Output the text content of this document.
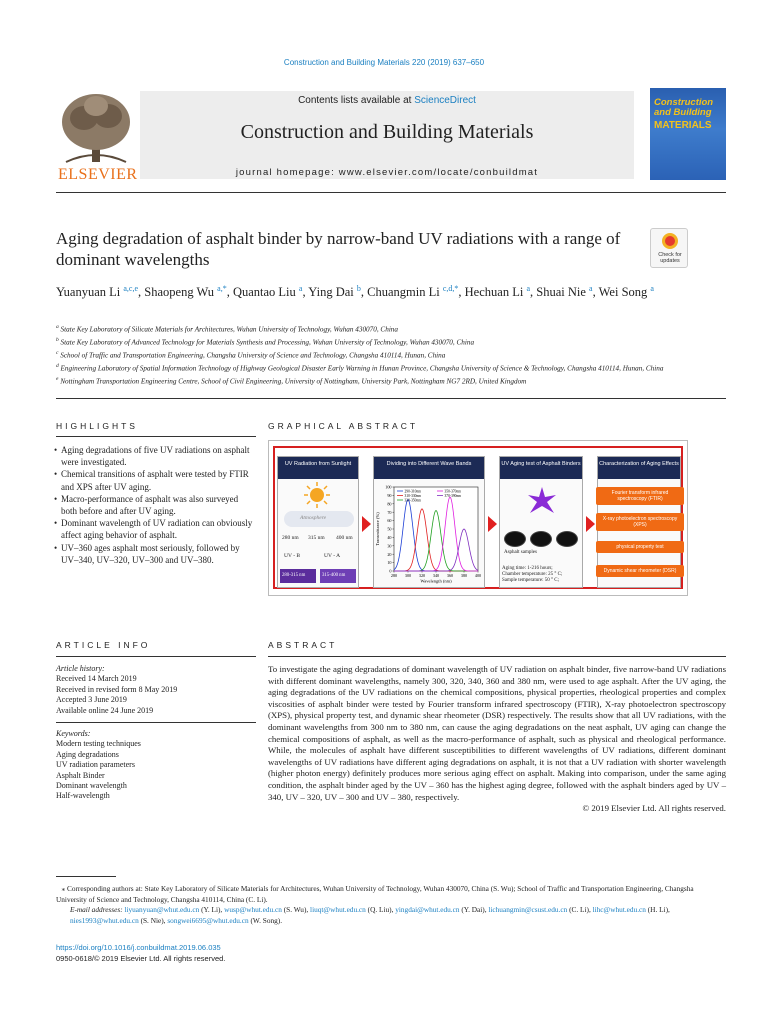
Construction and Building Materials 220 (2019) 637–650
ELSEVIER
Contents lists available at ScienceDirect
Construction and Building Materials
journal homepage: www.elsevier.com/locate/conbuildmat
Construction
and Building
MATERIALS
Aging degradation of asphalt binder by narrow-band UV radiations with a range of dominant wavelengths	Check for
updates
Yuanyuan Li $^{a,c,e}$, Shaopeng Wu $^{a,*}$, Quantao Liu $^a$, Ying Dai $^b$, Chuangmin Li $^{c,d,*}$, Hechuan Li $^a$, Shuai Nie $^a$, Wei Song $^a$
$^a$ State Key Laboratory of Silicate Materials for Architectures, Wuhan University of Technology, Wuhan 430070, China
$^b$ State Key Laboratory of Advanced Technology for Materials Synthesis and Processing, Wuhan University of Technology, Wuhan 430070, China
$^c$ School of Traffic and Transportation Engineering, Changsha University of Science and Technology, Changsha 410114, Hunan, China
$^d$ Engineering Laboratory of Spatial Information Technology of Highway Geological Disaster Early Warning in Hunan Province, Changsha University of Science & Technology, Changsha 410114, Hunan, China
$^e$ Nottingham Transportation Engineering Centre, School of Civil Engineering, University of Nottingham, University Park, Nottingham NG7 2RD, United Kingdom
HIGHLIGHTS	GRAPHICAL ABSTRACT
• Aging degradations of five UV radiations on asphalt were investigated.
• Chemical transitions of asphalt were tested by FTIR and XPS after UV aging.
• Macro-performance of asphalt was also surveyed both before and after UV aging.
• Dominant wavelength of UV radiation can obviously affect aging behavior of asphalt.
• UV–360 ages asphalt most seriously, followed by UV–340, UV–320, UV–300 and UV–380.
UV Radiation from Sunlight
Atmosphere
280 nm 315 nm 400 nm
UV - B	UV - A
280-315 nm	315-400 nm
Dividing into Different Wave Bands
0
10
20
30
40
50
60
70
80
90
100
280 300 320 340 360 380 400
Wavelength (nm)
Transmittance (%)
290-310nm
310-330nm
330-350nm
350-370nm
370-390nm
UV Aging test of Asphalt Binders
Asphalt samples
Aging time: 1-216 hours;
Chamber temperature: 25 ° C;
Sample temperature: 50 ° C;
Characterization of Aging Effects
Fourier transform infrared spectroscopy (FTIR)
X-ray photoelectron spectroscopy (XPS)
physical property test
Dynamic shear rheometer (DSR)
ARTICLE INFO	ABSTRACT
Article history:
Received 14 March 2019
Received in revised form 8 May 2019
Accepted 3 June 2019
Available online 24 June 2019
Keywords:
Modern testing techniques
Aging degradations
UV radiation parameters
Asphalt Binder
Dominant wavelength
Half-wavelength
To investigate the aging degradations of dominant wavelength of UV radiation on asphalt binder, five narrow-band UV radiations with different dominant wavelengths, namely 300, 320, 340, 360 and 380 nm, were used to age asphalt. After the UV aging, the aging degradations of the UV radiations on the chemical compositions, physical properties, rheological properties and complex viscosities of asphalt binder were tested by Fourier transform infrared spectroscopy (FTIR), X-ray photoelectron spectroscopy (XPS), physical property test, and dynamic shear rheometer (DSR) respectively. The results show that all UV radiations, with the dominant wavelengths from 300 nm to 380 nm, can cause the aging degradations on the neat asphalt, UV aging can change the chemical compositions of asphalt, as well as the macro-performance of asphalt, such as physical and rheological performance. While, the molecules of asphalt have different susceptibilities to different wavelengths of UV radiations, different dominant wavelengths of UV radiations have different aging degradations on asphalt, it is not that a UV radiation with shorter wavelength (higher photon energy) definitely produces more serious aging effect on asphalt. Making into comparison, under the same aging condition, the asphalt binder aged by the UV – 360 has the highest aging degree, followed with the asphalt binders aged by UV – 340, UV – 320, UV – 300 and UV – 380, respectively.
© 2019 Elsevier Ltd. All rights reserved.
⁎ Corresponding authors at: State Key Laboratory of Silicate Materials for Architectures, Wuhan University of Technology, Wuhan 430070, China (S. Wu); School of Traffic and Transportation Engineering, Changsha University of Science and Technology, Changsha 410114, China (C. Li).
E-mail addresses: liyuanyuan@whut.edu.cn (Y. Li), wusp@whut.edu.cn (S. Wu), liuqt@whut.edu.cn (Q. Liu), yingdai@whut.edu.cn (Y. Dai), lichuangmin@csust.edu.cn (C. Li), lihc@whut.edu.cn (H. Li), nies1993@whut.edu.cn (S. Nie), songwei6695@whut.edu.cn (W. Song).
https://doi.org/10.1016/j.conbuildmat.2019.06.035
0950-0618/© 2019 Elsevier Ltd. All rights reserved.
